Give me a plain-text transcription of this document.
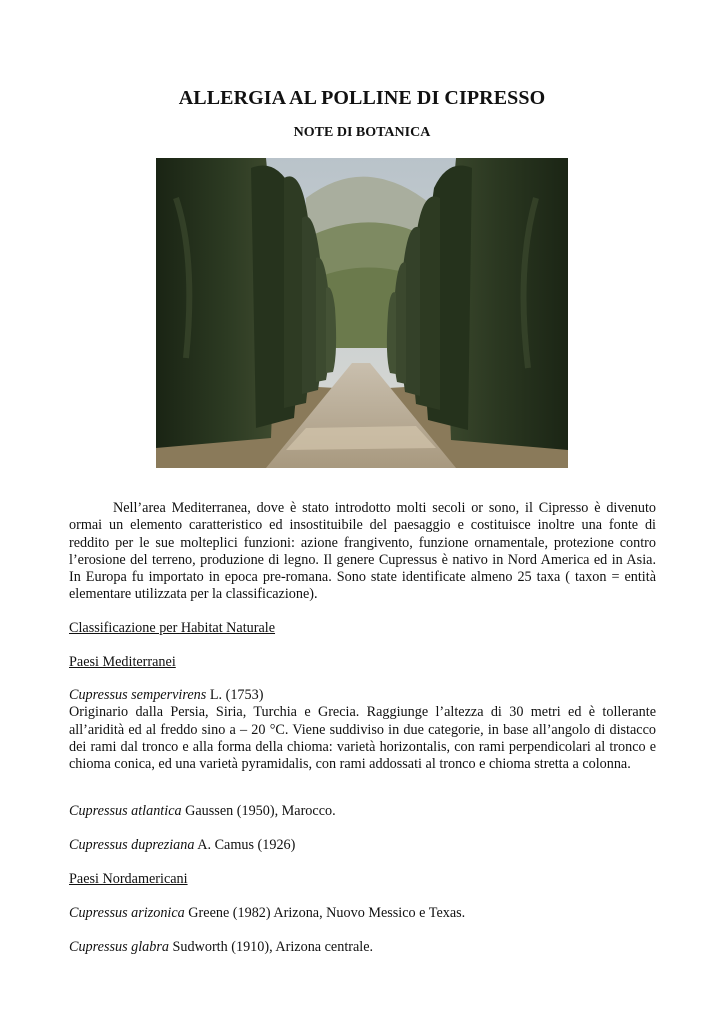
ALLERGIA AL POLLINE DI CIPRESSO
NOTE DI BOTANICA
Nell’area Mediterranea, dove è stato introdotto molti secoli or sono, il Cipresso è divenuto ormai un elemento caratteristico ed insostituibile del paesaggio e costituisce inoltre una fonte di reddito per le sue molteplici funzioni: azione frangivento, funzione ornamentale, protezione contro l’erosione del terreno, produzione di legno. Il genere Cupressus è nativo in Nord America ed in Asia. In Europa fu importato in epoca pre-romana. Sono state identificate almeno 25 taxa ( taxon = entità elementare utilizzata per la classificazione).
Classificazione per Habitat Naturale
Paesi Mediterranei
Cupressus sempervirens L. (1753)
Originario dalla Persia, Siria, Turchia e Grecia. Raggiunge l’altezza di 30 metri ed è tollerante all’aridità ed al freddo sino a – 20 °C. Viene suddiviso in due categorie, in base all’angolo di distacco dei rami dal tronco e alla forma della chioma: varietà horizontalis, con rami perpendicolari al tronco e chioma conica, ed una varietà pyramidalis, con rami addossati al tronco e chioma stretta a colonna.
Cupressus atlantica Gaussen (1950), Marocco.
Cupressus dupreziana A. Camus (1926)
Paesi Nordamericani
Cupressus arizonica Greene (1982) Arizona, Nuovo Messico e Texas.
Cupressus glabra Sudworth (1910), Arizona centrale.
